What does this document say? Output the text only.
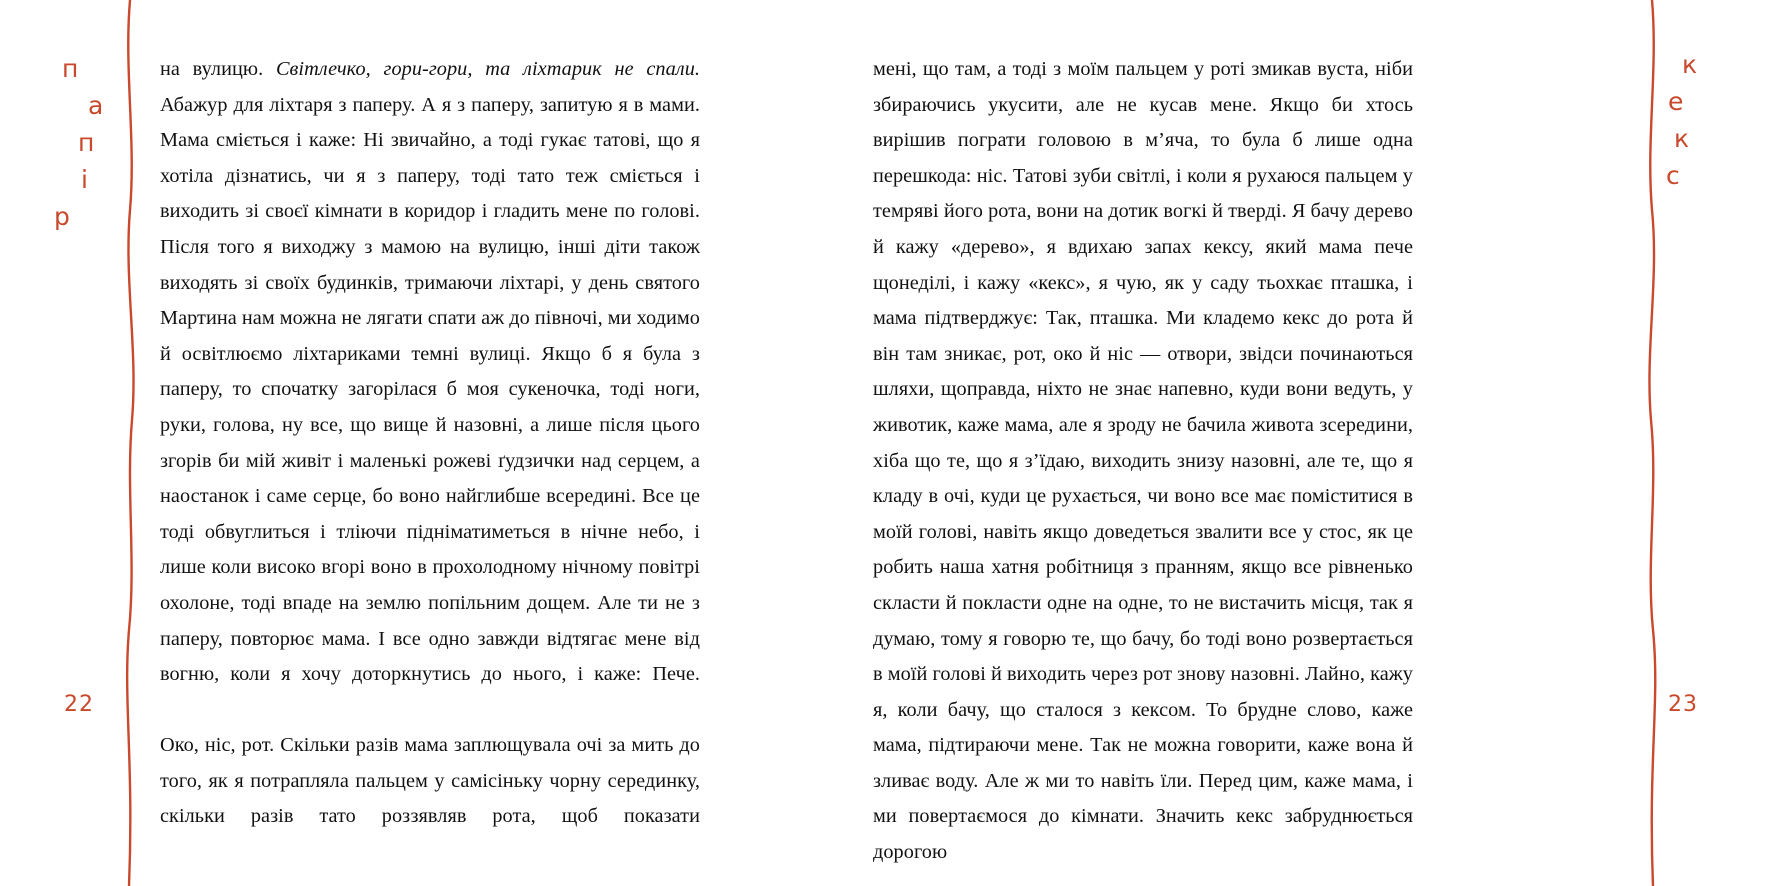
п
а
п
і
р
к
е
к
с
22	23

на вулицю. Світлечко, гори-гори, та ліхтарик не спали. Абажур для ліхтаря з паперу. А я з паперу, запитую я в мами. Мама сміється і каже: Ні звичайно, а тоді гукає татові, що я хотіла дізнатись, чи я з паперу, тоді тато теж сміється і виходить зі своєї кімнати в коридор і гладить мене по голові. Після того я виходжу з мамою на вулицю, інші діти також виходять зі своїх будинків, тримаючи ліхтарі, у день святого Мартина нам можна не лягати спати аж до півночі, ми ходимо й освітлюємо ліхтариками темні вулиці. Якщо б я була з паперу, то спочатку загорілася б моя сукеночка, тоді ноги, руки, голова, ну все, що вище й назовні, а лише після цього згорів би мій живіт і маленькі рожеві ґудзички над серцем, а наостанок і саме серце, бо воно найглибше всередині. Все це тоді обвуглиться і тліючи підніматиметься в нічне небо, і лише коли високо вгорі воно в прохолодному нічному повітрі охолоне, тоді впаде на землю попільним дощем. Але ти не з паперу, повторює мама. І все одно завжди відтягає мене від вогню, коли я хочу доторкнутись до нього, і каже: Пече.

Око, ніс, рот. Скільки разів мама заплющувала очі за мить до того, як я потрапляла пальцем у самісіньку чорну серединку, скільки разів тато роззявляв рота, щоб показати

мені, що там, а тоді з моїм пальцем у роті змикав вуста, ніби збираючись укусити, але не кусав мене. Якщо би хтось вирішив пограти головою в м’яча, то була б лише одна перешкода: ніс. Татові зуби світлі, і коли я рухаюся пальцем у темряві його рота, вони на дотик вогкі й тверді. Я бачу дерево й кажу «дерево», я вдихаю запах кексу, який мама пече щонеділі, і кажу «кекс», я чую, як у саду тьохкає пташка, і мама підтверджує: Так, пташка. Ми кладемо кекс до рота й він там зникає, рот, око й ніс — отвори, звідси починаються шляхи, щоправда, ніхто не знає напевно, куди вони ведуть, у животик, каже мама, але я зроду не бачила живота зсередини, хіба що те, що я з’їдаю, виходить знизу назовні, але те, що я кладу в очі, куди це рухається, чи воно все має поміститися в моїй голові, навіть якщо доведеться звалити все у стос, як це робить наша хатня робітниця з пранням, якщо все рівненько скласти й покласти одне на одне, то не вистачить місця, так я думаю, тому я говорю те, що бачу, бо тоді воно розвертається в моїй голові й виходить через рот знову назовні. Лайно, кажу я, коли бачу, що сталося з кексом. То брудне слово, каже мама, підтираючи мене. Так не можна говорити, каже вона й зливає воду. Але ж ми то навіть їли. Перед цим, каже мама, і ми повертаємося до кімнати. Значить кекс забруднюється дорогою
